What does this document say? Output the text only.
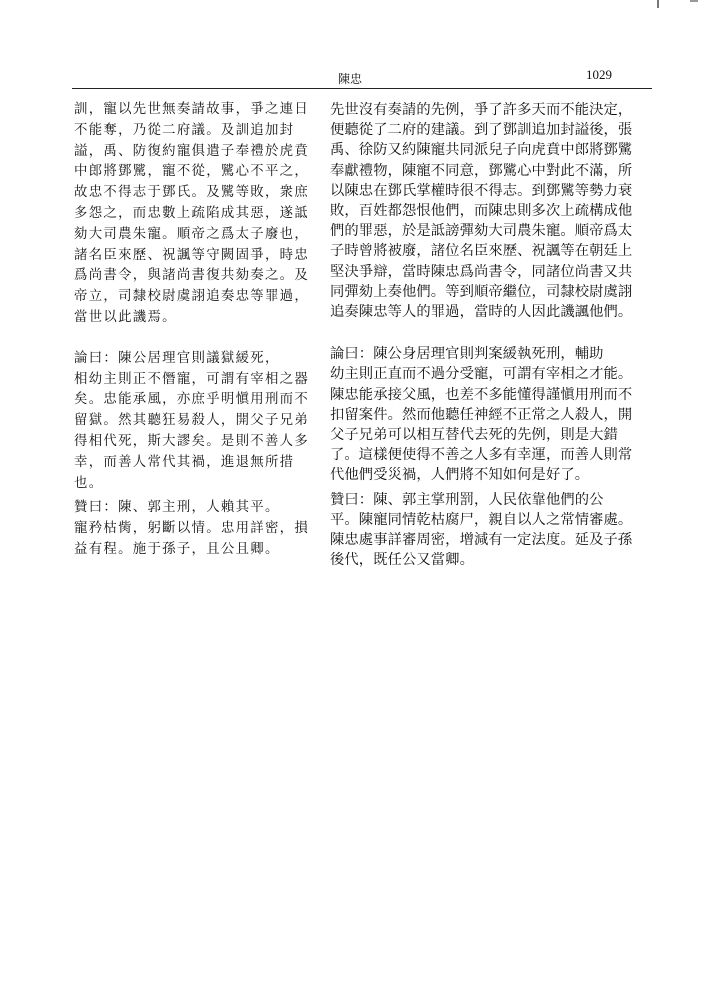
陳忠	1029
訓，寵以先世無奏請故事，爭之連日
不能奪，乃從二府議。及訓追加封
謚，禹、防復約寵俱遣子奉禮於虎賁
中郎將鄧騭，寵不從，騭心不平之，
故忠不得志于鄧氏。及騭等敗，衆庶
多怨之，而忠數上疏陷成其惡，遂詆
劾大司農朱寵。順帝之爲太子廢也，
諸名臣來歷、祝諷等守闕固爭，時忠
爲尚書令，與諸尚書復共劾奏之。及
帝立，司隸校尉虞詡追奏忠等罪過，
當世以此譏焉。
論曰：陳公居理官則議獄緩死，
相幼主則正不僭寵，可謂有宰相之器
矣。忠能承風，亦庶乎明愼用刑而不
留獄。然其聽狂易殺人，開父子兄弟
得相代死，斯大謬矣。是則不善人多
幸，而善人常代其禍，進退無所措
也。
贊曰：陳、郭主刑，人賴其平。
寵矜枯胔，躬斷以情。忠用詳密，損
益有程。施于孫子，且公且卿。
先世沒有奏請的先例，爭了許多天而不能決定，
便聽從了二府的建議。到了鄧訓追加封謚後，張
禹、徐防又約陳寵共同派兒子向虎賁中郎將鄧騭
奉獻禮物，陳寵不同意，鄧騭心中對此不滿，所
以陳忠在鄧氏掌權時很不得志。到鄧騭等勢力衰
敗，百姓都怨恨他們，而陳忠則多次上疏構成他
們的罪惡，於是詆謗彈劾大司農朱寵。順帝爲太
子時曾將被廢，諸位名臣來歷、祝諷等在朝廷上
堅決爭辯，當時陳忠爲尚書令，同諸位尚書又共
同彈劾上奏他們。等到順帝繼位，司隸校尉虞詡
追奏陳忠等人的罪過，當時的人因此譏諷他們。
論曰：陳公身居理官則判案緩執死刑，輔助
幼主則正直而不過分受寵，可謂有宰相之才能。
陳忠能承接父風，也差不多能懂得謹愼用刑而不
扣留案件。然而他聽任神經不正常之人殺人，開
父子兄弟可以相互替代去死的先例，則是大錯
了。這樣便使得不善之人多有幸運，而善人則常
代他們受災禍，人們將不知如何是好了。
贊曰：陳、郭主掌刑罰，人民依靠他們的公
平。陳寵同情乾枯腐尸，親自以人之常情審處。
陳忠處事詳審周密，增減有一定法度。延及子孫
後代，既任公又當卿。
